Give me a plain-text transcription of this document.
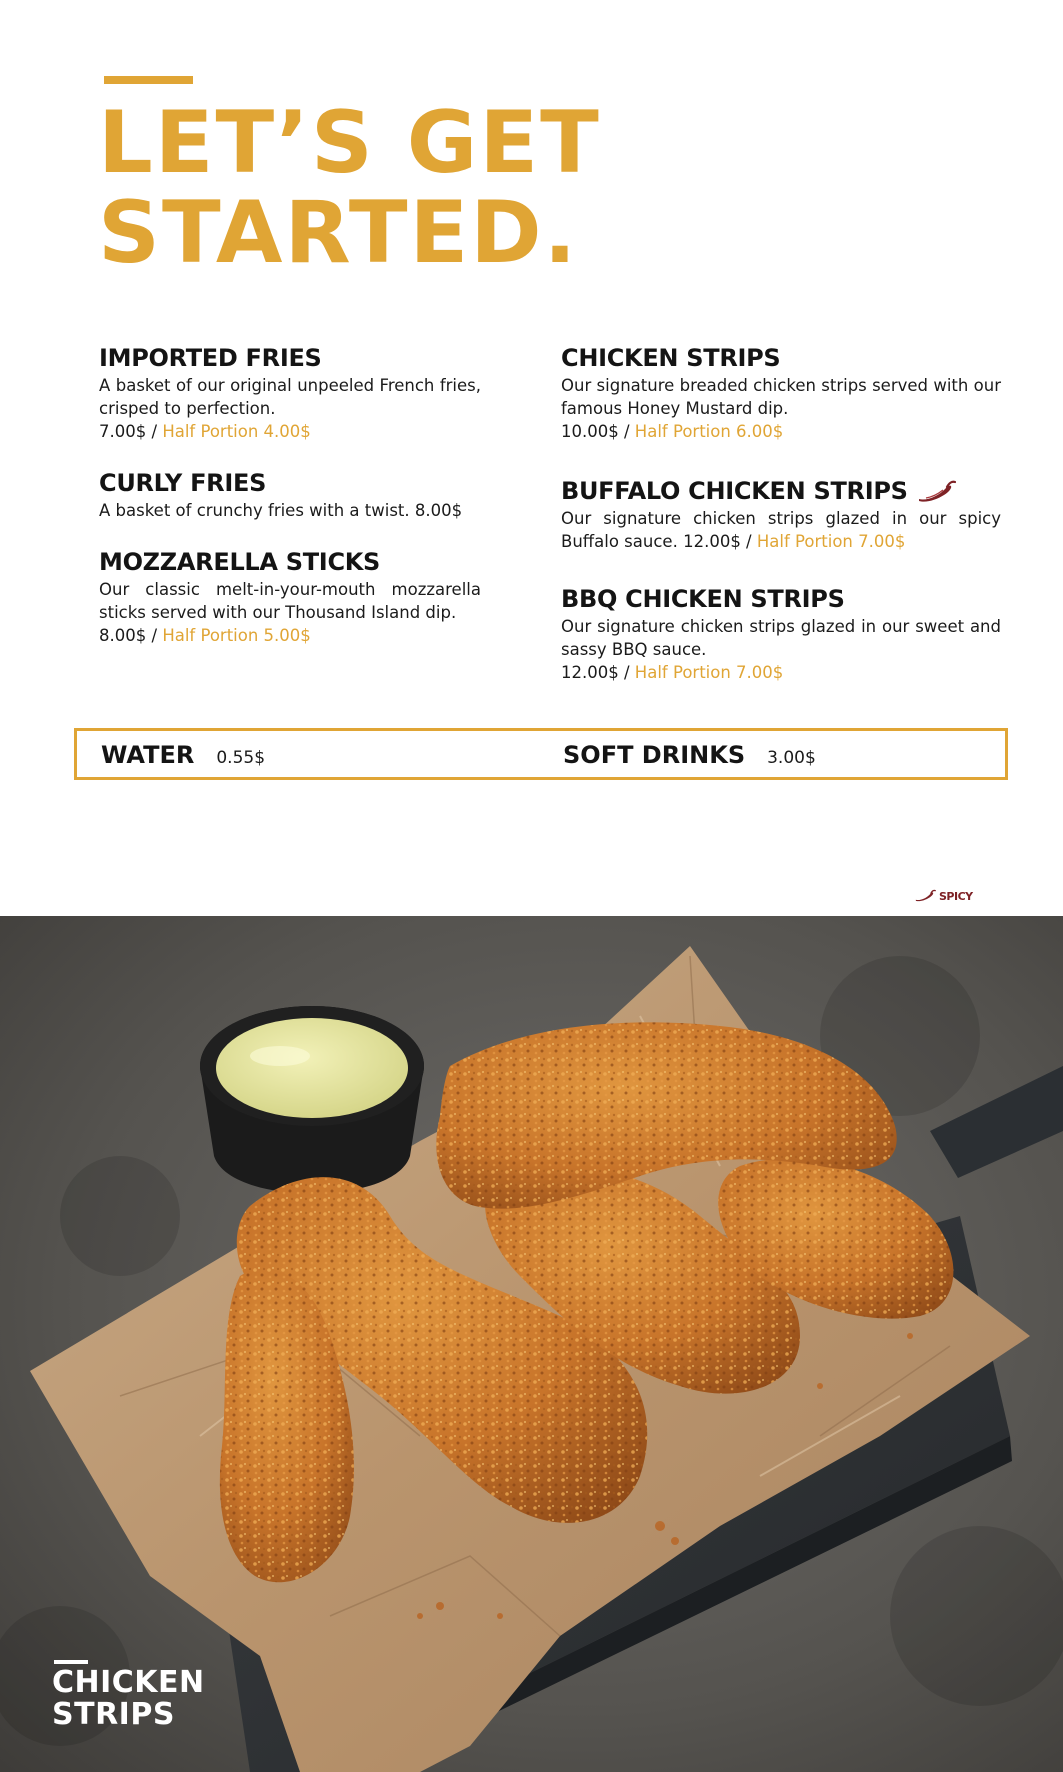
LET’S GET
STARTED.
IMPORTED FRIES

A basket of our original unpeeled French fries, crisped to perfection.
7.00$ / Half Portion 4.00$

CURLY FRIES

A basket of crunchy fries with a twist. 8.00$

MOZZARELLA STICKS

Our classic melt-in-your-mouth mozzarella sticks served with our Thousand Island dip.
8.00$ / Half Portion 5.00$

CHICKEN STRIPS

Our signature breaded chicken strips served with our famous Honey Mustard dip.
10.00$ / Half Portion 6.00$

BUFFALO CHICKEN STRIPS

Our signature chicken strips glazed in our spicy Buffalo sauce. 12.00$ / Half Portion 7.00$

BBQ CHICKEN STRIPS

Our signature chicken strips glazed in our sweet and sassy BBQ sauce.
12.00$ / Half Portion 7.00$

WATER 0.55$	SOFT DRINKS 3.00$
SPICY
CHICKEN
STRIPS
